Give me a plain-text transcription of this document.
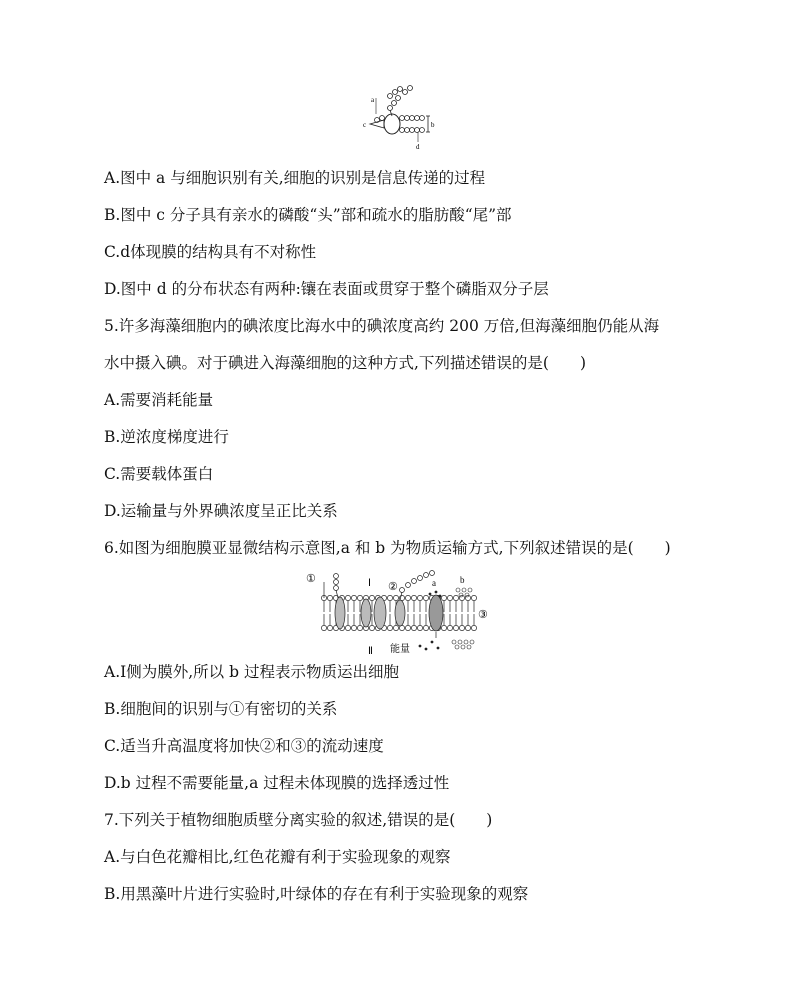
a
b
c
d
A.图中 a 与细胞识别有关,细胞的识别是信息传递的过程
B.图中 c 分子具有亲水的磷酸“头”部和疏水的脂肪酸“尾”部
C.d体现膜的结构具有不对称性
D.图中 d 的分布状态有两种:镶在表面或贯穿于整个磷脂双分子层
5.许多海藻细胞内的碘浓度比海水中的碘浓度高约 200 万倍,但海藻细胞仍能从海
水中摄入碘。对于碘进入海藻细胞的这种方式,下列描述错误的是(　　)
A.需要消耗能量
B.逆浓度梯度进行
C.需要载体蛋白
D.运输量与外界碘浓度呈正比关系
6.如图为细胞膜亚显微结构示意图,a 和 b 为物质运输方式,下列叙述错误的是(　　)
①
②
③
Ⅰ
Ⅱ
a	b
能量
A.Ⅰ侧为膜外,所以 b 过程表示物质运出细胞
B.细胞间的识别与①有密切的关系
C.适当升高温度将加快②和③的流动速度
D.b 过程不需要能量,a 过程未体现膜的选择透过性
7.下列关于植物细胞质壁分离实验的叙述,错误的是(　　)
A.与白色花瓣相比,红色花瓣有利于实验现象的观察
B.用黑藻叶片进行实验时,叶绿体的存在有利于实验现象的观察
